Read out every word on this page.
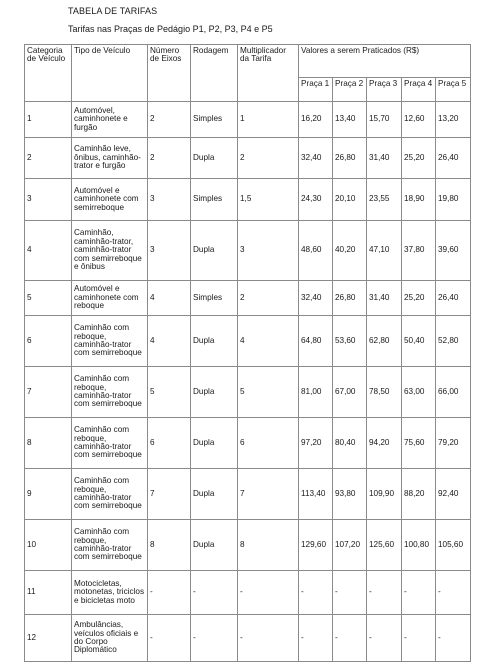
TABELA DE TARIFAS
Tarifas nas Praças de Pedágio P1, P2, P3, P4 e P5
Categoria de Veículo	Tipo de Veículo	Número de Eixos	Rodagem	Multiplicador da Tarifa	Valores a serem Praticados (R$)				
					Praça 1	Praça 2	Praça 3	Praça 4	Praça 5
1	Automóvel, caminhonete e furgão	2	Simples	1	16,20	13,40	15,70	12,60	13,20
2	Caminhão leve, ônibus, caminhão-trator e furgão	2	Dupla	2	32,40	26,80	31,40	25,20	26,40
3	Automóvel e caminhonete com semirreboque	3	Simples	1,5	24,30	20,10	23,55	18,90	19,80
4	Caminhão, caminhão-trator, caminhão-trator com semirreboque e ônibus	3	Dupla	3	48,60	40,20	47,10	37,80	39,60
5	Automóvel e caminhonete com reboque	4	Simples	2	32,40	26,80	31,40	25,20	26,40
6	Caminhão com reboque, caminhão-trator com semirreboque	4	Dupla	4	64,80	53,60	62,80	50,40	52,80
7	Caminhão com reboque, caminhão-trator com semirreboque	5	Dupla	5	81,00	67,00	78,50	63,00	66,00
8	Caminhão com reboque, caminhão-trator com semirreboque	6	Dupla	6	97,20	80,40	94,20	75,60	79,20
9	Caminhão com reboque, caminhão-trator com semirreboque	7	Dupla	7	113,40	93,80	109,90	88,20	92,40
10	Caminhão com reboque, caminhão-trator com semirreboque	8	Dupla	8	129,60	107,20	125,60	100,80	105,60
11	Motocicletas, motonetas, triciclos e bicicletas moto	-	-	-	-	-	-	-	-
12	Ambulâncias, veículos oficiais e do Corpo Diplomático	-	-	-	-	-	-	-	-
